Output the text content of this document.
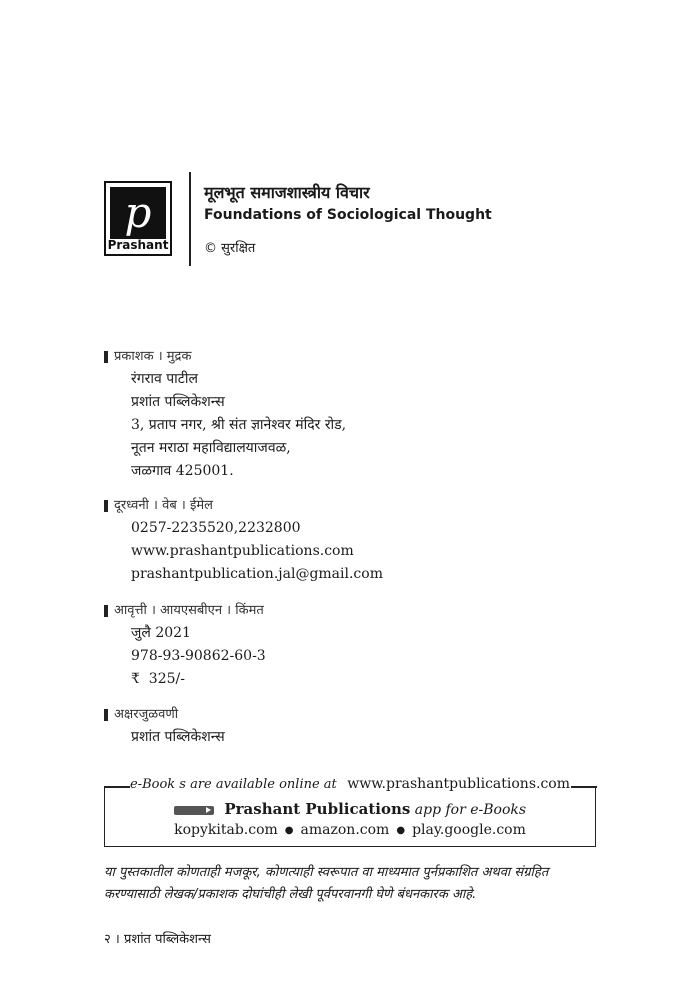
p
Prashant
मूलभूत समाजशास्त्रीय विचार
Foundations of Sociological Thought
© सुरक्षित
प्रकाशक । मुद्रक
रंगराव पाटील
प्रशांत पब्लिकेशन्स
3, प्रताप नगर, श्री संत ज्ञानेश्वर मंदिर रोड,
नूतन मराठा महाविद्यालयाजवळ,
जळगाव 425001.
दूरध्वनी । वेब । ईमेल
0257-2235520,2232800
www.prashantpublications.com
prashantpublication.jal@gmail.com
आवृत्ती । आयएसबीएन । किंमत
जुलै 2021
978-93-90862-60-3
₹  325/-
अक्षरजुळवणी
प्रशांत पब्लिकेशन्स
e-Book s are available online at www.prashantpublications.com
Prashant Publications app for e-Books
kopykitab.com ● amazon.com ● play.google.com
या पुस्तकातील कोणताही मजकूर, कोणत्याही स्वरूपात वा माध्यमात पुर्नप्रकाशित अथवा संग्रहित करण्यासाठी लेखक/प्रकाशक दोघांचीही लेखी पूर्वपरवानगी घेणे बंधनकारक आहे.
२ । प्रशांत पब्लिकेशन्स
